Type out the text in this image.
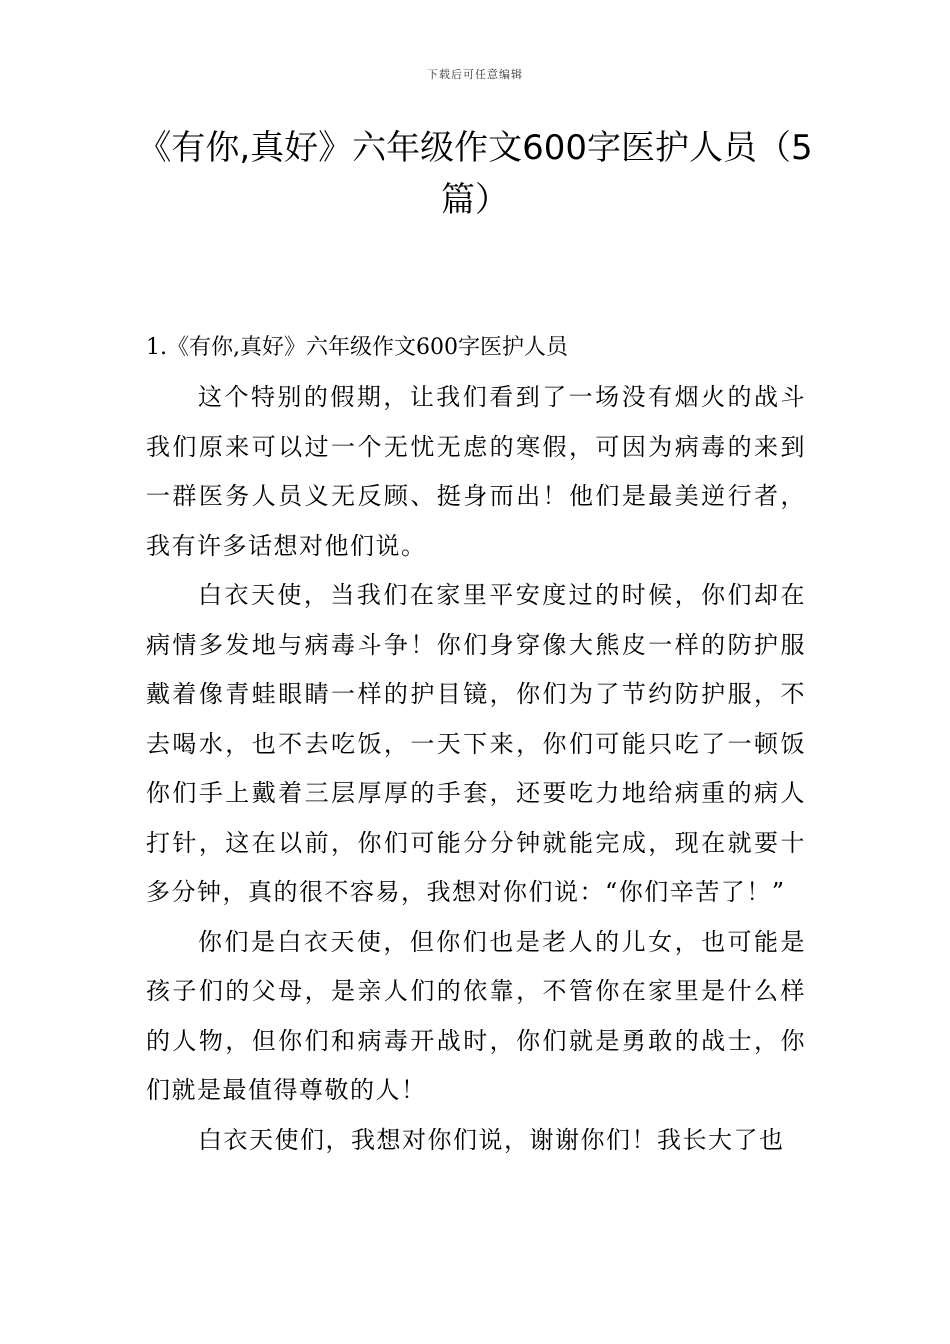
下载后可任意编辑
《有你,真好》六年级作文600字医护人员（5篇）

1.《有你,真好》六年级作文600字医护人员

这个特别的假期，让我们看到了一场没有烟火的战斗我们原来可以过一个无忧无虑的寒假，可因为病毒的来到一群医务人员义无反顾、挺身而出！他们是最美逆行者，我有许多话想对他们说。

白衣天使，当我们在家里平安度过的时候，你们却在病情多发地与病毒斗争！你们身穿像大熊皮一样的防护服戴着像青蛙眼睛一样的护目镜，你们为了节约防护服，不去喝水，也不去吃饭，一天下来，你们可能只吃了一顿饭你们手上戴着三层厚厚的手套，还要吃力地给病重的病人打针，这在以前，你们可能分分钟就能完成，现在就要十多分钟，真的很不容易，我想对你们说：“你们辛苦了！”

你们是白衣天使，但你们也是老人的儿女，也可能是孩子们的父母，是亲人们的依靠，不管你在家里是什么样的人物，但你们和病毒开战时，你们就是勇敢的战士，你们就是最值得尊敬的人！

白衣天使们，我想对你们说，谢谢你们！我长大了也
